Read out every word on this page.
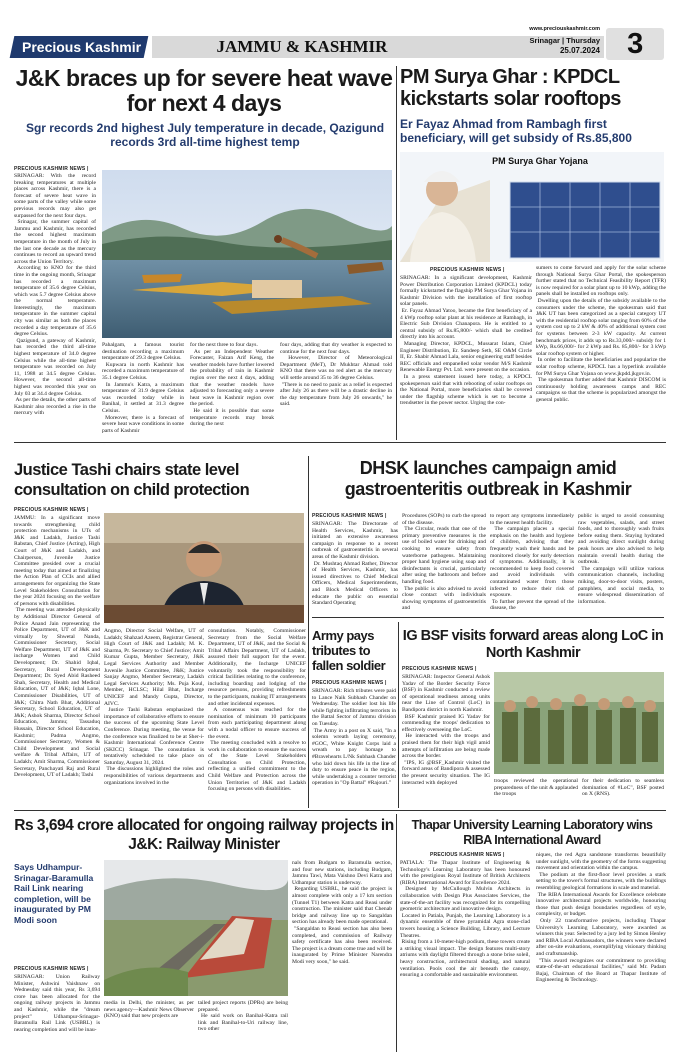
Precious Kashmir	JAMMU & KASHMIR
www.preciouskashmir.com
Srinagar | Thursday
25.07.2024 3
J&K braces up for severe heat wave for next 4 days
Sgr records 2nd highest July temperature in decade, Qazigund records 3rd all-time highest temp
PRECIOUS KASHMIR NEWS |
SRINAGAR: With the record breaking temperatures at multiple places across Kashmir, there is a forecast of severe heat wave in some parts of the valley while some previous records may also get surpassed for the next four days.
Srinagar, the summer capital of Jammu and Kashmir, has recorded the second highest maximum temperature in the month of July in the last one decade as the mercury continues to record an upward trend across the Union Territory.
According to KNO for the third time in the ongoing month, Srinagar has recorded a maximum temperature of 35.6 degree Celsius, which was 5.7 degree Celsius above the normal temperature. Interestingly, the maximum temperature in the summer capital city was similar as both the places recorded a day temperature of 35.6 degree Celsius.
Qazigund, a gateway of Kashmir, has recorded the third all-time highest temperature of 34.0 degree Celsius while the all-time highest temperature was recorded on July 11, 1988 at 34.5 degree Celsius. However, the second all-time highest was recorded this year on July 03 at 34.4 degree Celsius.
As per the details, the other parts of Kashmir also recorded a rise in the mercury with
Pahalgam, a famous tourist destination recording a maximum temperature of 29.3 degree Celsius.
Kupwara in north Kashmir has recorded a maximum temperature of 35.1 degree Celsius.
In Jammu's Katra, a maximum temperature of 31.9 degree Celsius was recorded today while in Banihal, it settled at 31.3 degree Celsius.
Moreover, there is a forecast of severe heat wave conditions in some parts of Kashmir
for the next three to four days.
As per an Independent Weather Forecaster, Faizan Arif Keng, the weather models have further lowered the probability of rain in Kashmir region over the next 4 days, adding that the weather models have adjusted to forecasting only a severe heat wave in Kashmir region over the period.
He said it is possible that some temperature records may break during the next
four days, adding that dry weather is expected to continue for the next four days.
However, Director of Meteorological Department (MeT), Dr Mukhtar Ahmad told KNO that there was no red alert as the mercury will settle around 35 to 36 degree Celsius.
"There is no need to panic as a relief is expected after July 26 as there will be a drastic decline in the day temperature from July 26 onwards," he said.
PM Surya Ghar : KPDCL kickstarts solar rooftops
Er Fayaz Ahmad from Rambagh first beneficiary, will get subsidy of Rs.85,800
PM Surya Ghar Yojana
PRECIOUS KASHMIR NEWS |
SRINAGAR: In a significant development, Kashmir Power Distribution Corporation Limited (KPDCL) today formally kickstarted the flagship PM Surya Ghar Yojana in Kashmir Division with the installation of first rooftop solar panels.
Er. Fayaz Ahmad Yatoo, became the first beneficiary of a 4 kWp rooftop solar plant at his residence at Rambagh, in Electric Sub Division Chanapora. He is entitled to a central subsidy of Rs.85,800/- which shall be credited directly into his account.
Managing Director, KPDCL, Mussarat Islam, Chief Engineer Distribution, Er. Sandeep Seth, SE O&M Circle II, Er. Shabir Ahmad Lala, senior engineering staff besides REC officials and empanelled solar vendor M/S Kashmir Renewable Energy Pvt. Ltd. were present on the occasion.
In a press statement issued here today, a KPDCL spokesperson said that with rebooting of solar rooftops on the National Portal, more beneficiaries shall be covered under the flagship scheme which is set to become a trendsetter in the power sector. Urging the con-
sumers to come forward and apply for the solar scheme through National Surya Ghar Portal, the spokesperson further stated that no Technical Feasibility Report (TFR) is now required for a solar plant up to 10 kWp, adding the panels shall be installed on rooftops only.
Dwelling upon the details of the subsidy available to the consumers under the scheme, the spokesman said that J&K UT has been categorized as a special category UT with the residential rooftop solar ranging from 60% of the system cost up to 2 kW & 40% of additional system cost for systems between 2-3 kW capacity. At current benchmark prices, it adds up to Rs.33,000/- subsidy for 1 kWp, Rs.66,000/- for 2 kWp and Rs. 85,800/- for 3 kWp solar rooftop system or higher.
In order to facilitate the beneficiaries and popularize the solar rooftop scheme, KPDCL has a hyperlink available for PM Surya Ghar Yojana on www.jkpdd.jkgov.in.
The spokesman further added that Kashmir DISCOM is continuously holding awareness camps and REC campaigns so that the scheme is popularized amongst the general public.
Justice Tashi chairs state level consultation on child protection
PRECIOUS KASHMIR NEWS |
JAMMU: In a significant move towards strengthening child protection mechanisms in UTs of J&K and Ladakh, Justice Tashi Rabstan, Chief Justice (Acting), High Court of J&K and Ladakh, and Chairperson, Juvenile Justice Committee presided over a crucial meeting today that aimed at finalizing the Action Plan of CCIs and allied arrangements for organizing the State Level Stakeholders Consultation for the year 2024 focusing on the welfare of persons with disabilities.
The meeting was attended physically by Additional Director General of Police Anand Jain representing the Police Department, UT of J&K and virtually by Shwetal Nanda, Commissioner Secretary, Social Welfare Department, UT of J&K and incharge Women and Child Development; Dr. Shahid Iqbal, Secretary, Rural Development Department; Dr. Syed Abid Rasheed Shah, Secretary, Health and Medical Education, UT of J&K; Iqbal Lone, Commissioner Disabilities, UT of J&K; Chitra Nath Bhat, Additional Secretary, School Education, UT of J&K; Ashok Sharma, Director School Education, Jammu; Tassaduq Hussain, Director School Education, Kashmir; Padma Angmo, Commissioner Secretary, Women & Child Development and Social welfare & Tribal Affairs, UT of Ladakh; Amit Sharma, Commissioner Secretary, Panchayati Raj and Rural Development, UT of Ladakh; Tashi
Angmo, Director Social Welfare, UT of Ladakh; Shahzad Azeem, Registrar General, High Court of J&K and Ladakh; M. K. Sharma, Pr. Secretary to Chief Justice; Amit Kumar Gupta, Member Secretary, J&K Legal Services Authority and Member Juvenile Justice Committee, J&K; Justice Sanjay Angmo, Member Secretary, Ladakh Legal Services Authority; Ms. Puja Koul, Member, HCLSC; Hilal Bhat, Incharge UNICEF and Mandy Gupta, Director, AIVC.
Justice Tashi Rabstan emphasized the importance of collaborative efforts to ensure the success of the upcoming State Level Conference. During meeting, the venue for the conference was finalized to be at Sher-i-Kashmir International Conference Centre (SKICC) Srinagar. The consultation is tentatively scheduled to take place on Saturday, August 31, 2024.
The discussions highlighted the roles and responsibilities of various departments and organizations involved in the
consultation. Notably, Commissioner Secretary from the Social Welfare Department, UT of J&K, and the Social & Tribal Affairs Department, UT of Ladakh, assured their full support for the event. Additionally, the Incharge UNICEF voluntarily took the responsibility for critical facilities relating to the conference, including boarding and lodging of the resource persons, providing refreshments to the participants, making IT arrangements and other incidental expenses.
A consensus was reached for the nomination of minimum 10 participants from each participating department along with a nodal officer to ensure success of the event.
The meeting concluded with a resolve to work in collaboration to ensure the success of the State Level Stakeholders Consultation on Child Protection, reflecting a unified commitment to the Child Welfare and Protection across the Union Territories of J&K and Ladakh focusing on persons with disabilities.
DHSK launches campaign amid gastroenteritis outbreak in Kashmir
PRECIOUS KASHMIR NEWS |
SRINAGAR: The Directorate of Health Services, Kashmir, has initiated an extensive awareness campaign in response to a recent outbreak of gastroenteritis in several areas of the Kashmir division.
Dr. Mushtaq Ahmad Rather, Director of Health Services, Kashmir, has issued directives to Chief Medical Officers, Medical Superintendents, and Block Medical Officers to educate the public on essential Standard Operating
Procedures (SOPs) to curb the spread of the disease.
The Circular, reads that one of the primary preventive measures is the use of boiled water for drinking and cooking to ensure safety from waterborne pathogens. Maintaining proper hand hygiene using soap and disinfectants is crucial, particularly after using the bathroom and before handling food.
The public is also advised to avoid close contact with individuals showing symptoms of gastroenteritis and
to report any symptoms immediately to the nearest health facility.
The campaign places a special emphasis on the health and hygiene of children, advising that they frequently wash their hands and be monitored closely for early detection of symptoms. Additionally, it is recommended to keep food covered and avoid individuals with contaminated water from those infected to reduce their risk of exposure.
To further prevent the spread of the disease, the
public is urged to avoid consuming raw vegetables, salads, and street foods, and to thoroughly wash fruits before eating them. Staying hydrated and avoiding direct sunlight during peak hours are also advised to help maintain overall health during the outbreak.
The campaign will utilize various communication channels, including miking, door-to-door visits, posters, pamphlets, and social media, to ensure widespread dissemination of information.
Army pays tributes to fallen soldier
PRECIOUS KASHMIR NEWS |
SRINAGAR: Rich tributes were paid to Lance Naik Subhash Chander on Wednesday. The soldier lost his life while fighting infiltrating terrorists in the Battal Sector of Jammu division on Tuesday.
The Army in a post on X said, "In a solemn wreath laying ceremony, #GOC, White Knight Corps laid a wreath to pay homage to #Bravehearts L/Nk Subhash Chander who laid down his life in the line of duty to ensure peace in the region, while undertaking a counter terrorist operation in "Op Battal" #Rajouri."
IG BSF visits forward areas along LoC in North Kashmir
PRECIOUS KASHMIR NEWS |
SRINAGAR: Inspector General Ashok Yadav of the Border Security Force (BSF) in Kashmir conducted a review of operational readiness among units near the Line of Control (LoC) in Bandipora district in north Kashmir.
BSF Kashmir praised IG Yadav for commending the troops' dedication to effectively overseeing the LoC.
He interacted with the troops and praised them for their high vigil amid attempts of infiltration are being made across the border.
"IPS, IG @BSF_Kashmir visited the forward areas of Bandipora & assessed the present security situation. The IG interacted with deployed	troops reviewed the operational preparedness of the unit & applauded the troops
for their dedication to seamless domination of #LoC", BSF posted on X (RNS).
Rs 3,694 crore allocated for ongoing railway projects in J&K: Railway Minister
Says Udhampur-Srinagar-Baramulla Rail Link nearing completion, will be inaugurated by PM Modi soon
PRECIOUS KASHMIR NEWS |
SRINAGAR: Union Railway Minister, Ashwini Vaishnaw on Wednesday said this year, Rs 3,694 crore has been allocated for the ongoing railway projects in Jammu and Kashmir, while the "dream project" Udhampur-Srinagar-Baramulla Rail Link (USBRL) is nearing completion and will be inau-
media in Delhi, the minister, as per news agency—Kashmir News Observer (KNO) said that new projects are
tailed project reports (DPRs) are being prepared.
He said work on Banihal-Katra rail link and Banihal-to-Uri railway line, two other
nals from Budgam to Baramulla section, and four new stations, including Budgam, Jammu Tawi, Mata Vaishno Devi Katra and Udhampur station is underway.
Regarding USBRL, he said the project is almost complete with only a 17 km section (Tunnel T1) between Katra and Reasi under construction. The minister said that Chenab bridge and railway line up to Sangaldan section has already been made operational.
"Sangaldan to Reasi section has also been completed, and commission of Railway safety certificate has also been received. The project is a dream come true and will be inaugurated by Prime Minister Narendra Modi very soon," he said.
Thapar University Learning Laboratory wins RIBA International Award
PRECIOUS KASHMIR NEWS |
PATIALA: The Thapar Institute of Engineering & Technology's Learning Laboratory has been honoured with the prestigious Royal Institute of British Architects (RIBA) International Award for Excellence 2024.
Designed by McCullough Mulvin Architects in collaboration with Design Plus Associates Services, the state-of-the-art facility was recognized for its compelling geometric architecture and innovative design.
Located in Patiala, Punjab, the Learning Laboratory is a dynamic ensemble of three pyramidal Agra stone-clad towers housing a Science Building, Library, and Lecture Theatres.
Rising from a 10-meter-high podium, these towers create a striking visual impact. The design features multi-story atriums with daylight filtered through a stone brise soleil, heavy construction, architectural shading, and natural ventilation. Pools cool the air beneath the canopy, ensuring a comfortable and sustainable environment.
niques, the red Agra sandstone transforms beautifully under sunlight, with the geometry of the forms suggesting movement and orientation within the campus.
The podium at the first-floor level provides a stark setting to the tower's formal structures, with the buildings resembling geological formations in scale and material.
The RIBA International Awards for Excellence celebrate innovative architectural projects worldwide, honouring those that push design boundaries regardless of style, complexity, or budget.
Only 22 transformative projects, including Thapar University's Learning Laboratory, were awarded as winners this year. Selected by a jury led by Simon Henley and RIBA Local Ambassadors, the winners were declared after on-site evaluations, exemplifying visionary thinking and craftsmanship.
"This award recognizes our commitment to providing state-of-the-art educational facilities," said Mr. Padam Bajaj, Chairman of the Board at Thapar Institute of Engineering & Technology.
